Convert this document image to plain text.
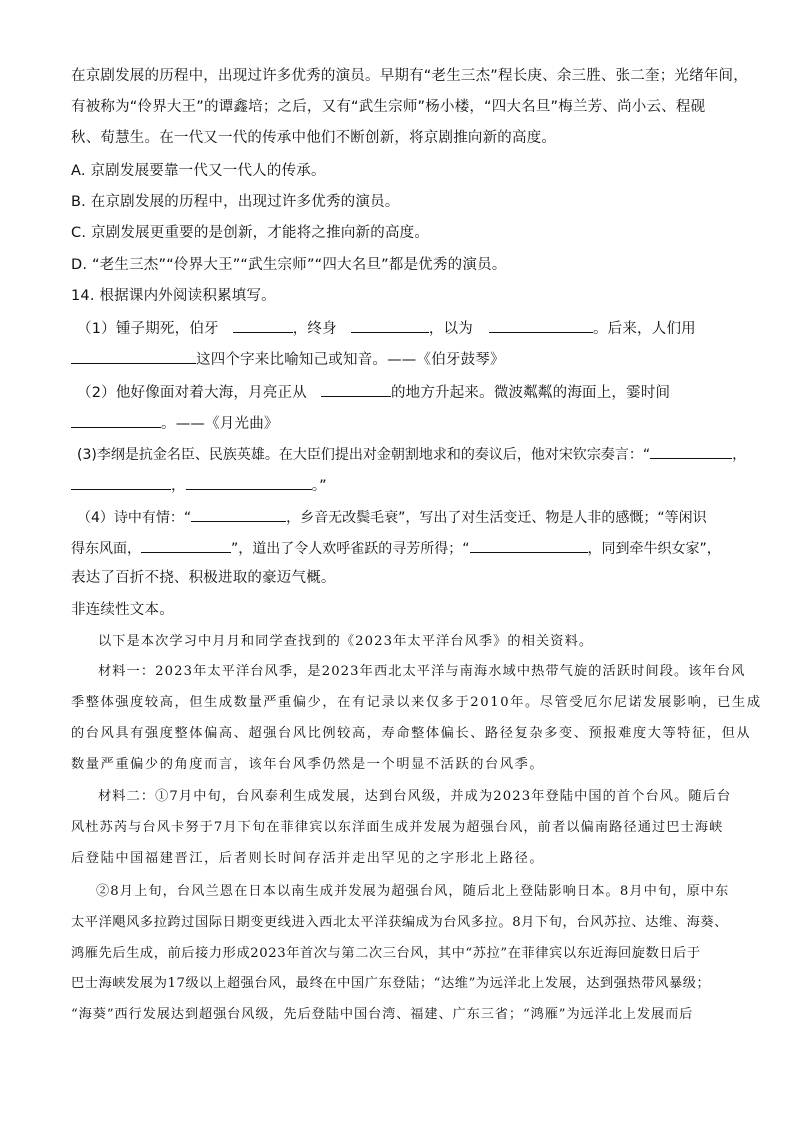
在京剧发展的历程中，出现过许多优秀的演员。早期有“老生三杰”程长庚、余三胜、张二奎；光绪年间，
有被称为“伶界大王”的谭鑫培；之后，又有“武生宗师”杨小楼，“四大名旦”梅兰芳、尚小云、程砚
秋、荀慧生。在一代又一代的传承中他们不断创新，将京剧推向新的高度。
A. 京剧发展要靠一代又一代人的传承。
B. 在京剧发展的历程中，出现过许多优秀的演员。
C. 京剧发展更重要的是创新，才能将之推向新的高度。
D. “老生三杰”“伶界大王”“武生宗师”“四大名旦”都是优秀的演员。
14. 根据课内外阅读积累填写。
（1）锺子期死，伯牙	，终身	，以为	。后来，人们用
这四个字来比喻知己或知音。——《伯牙鼓琴》
（2）他好像面对着大海，月亮正从	的地方升起来。微波粼粼的海面上，霎时间
。——《月光曲》
(3)李纲是抗金名臣、民族英雄。在大臣们提出对金朝割地求和的奏议后，他对宋钦宗奏言：“	，
，	。”
（4）诗中有情：“	，乡音无改鬓毛衰”，写出了对生活变迁、物是人非的感慨；“等闲识
得东风面，	”，道出了令人欢呼雀跃的寻芳所得；“	，同到牵牛织女家”，
表达了百折不挠、积极进取的豪迈气概。
非连续性文本。
以下是本次学习中月月和同学查找到的《2023年太平洋台风季》的相关资料。
材料一：2023年太平洋台风季，是2023年西北太平洋与南海水域中热带气旋的活跃时间段。该年台风
季整体强度较高，但生成数量严重偏少，在有记录以来仅多于2010年。尽管受厄尔尼诺发展影响，已生成
的台风具有强度整体偏高、超强台风比例较高，寿命整体偏长、路径复杂多变、预报难度大等特征，但从
数量严重偏少的角度而言，该年台风季仍然是一个明显不活跃的台风季。
材料二：①7月中旬，台风泰利生成发展，达到台风级，并成为2023年登陆中国的首个台风。随后台
风杜苏芮与台风卡努于7月下旬在菲律宾以东洋面生成并发展为超强台风，前者以偏南路径通过巴士海峡
后登陆中国福建晋江，后者则长时间存活并走出罕见的之字形北上路径。
②8月上旬，台风兰恩在日本以南生成并发展为超强台风，随后北上登陆影响日本。8月中旬，原中东
太平洋飓风多拉跨过国际日期变更线进入西北太平洋获编成为台风多拉。8月下旬，台风苏拉、达维、海葵、
鸿雁先后生成，前后接力形成2023年首次与第二次三台风，其中“苏拉”在菲律宾以东近海回旋数日后于
巴士海峡发展为17级以上超强台风，最终在中国广东登陆；“达维”为远洋北上发展，达到强热带风暴级；
“海葵”西行发展达到超强台风级，先后登陆中国台湾、福建、广东三省；“鸿雁”为远洋北上发展而后
